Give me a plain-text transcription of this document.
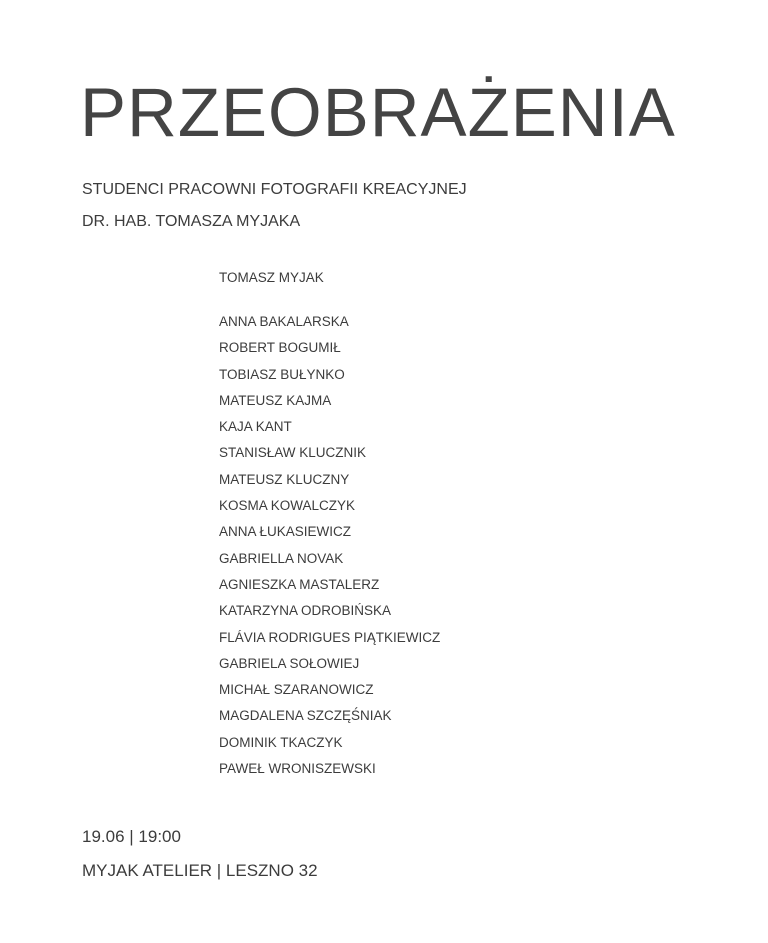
PRZEOBRAŻENIA

STUDENCI PRACOWNI FOTOGRAFII KREACYJNEJ

DR. HAB. TOMASZA MYJAKA

TOMASZ MYJAK
ANNA BAKALARSKA
ROBERT BOGUMIŁ
TOBIASZ BUŁYNKO
MATEUSZ KAJMA
KAJA KANT
STANISŁAW KLUCZNIK
MATEUSZ KLUCZNY
KOSMA KOWALCZYK
ANNA ŁUKASIEWICZ
GABRIELLA NOVAK
AGNIESZKA MASTALERZ
KATARZYNA ODROBIŃSKA
FLÁVIA RODRIGUES PIĄTKIEWICZ
GABRIELA SOŁOWIEJ
MICHAŁ SZARANOWICZ
MAGDALENA SZCZĘŚNIAK
DOMINIK TKACZYK
PAWEŁ WRONISZEWSKI
19.06 | 19:00
MYJAK ATELIER | LESZNO 32
